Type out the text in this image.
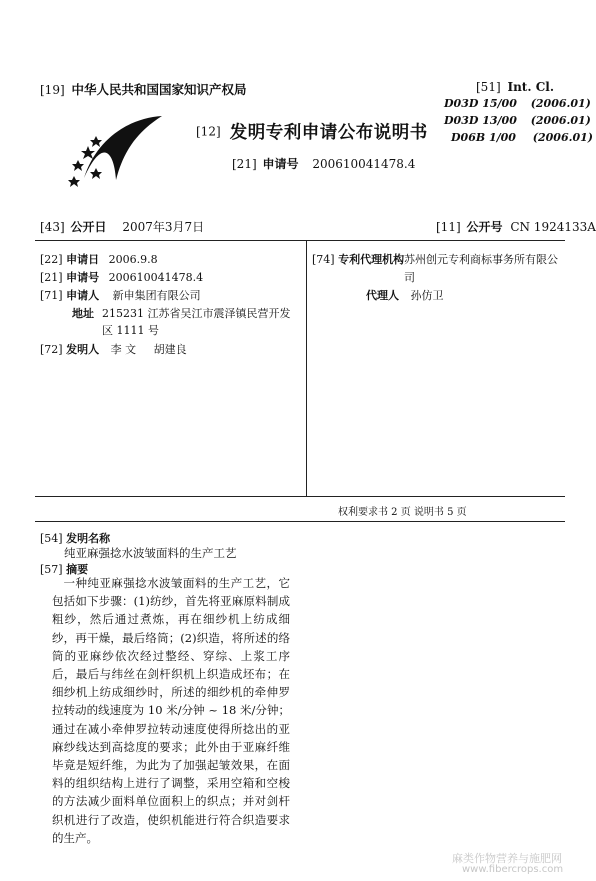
[19] 中华人民共和国国家知识产权局
[12] 发明专利申请公布说明书
[21] 申请号 200610041478.4
[51] Int. Cl.
D03D 15/00 (2006.01)
D03D 13/00 (2006.01)
D06B 1/00 (2006.01)
[43] 公开日 2007年3月7日	[11] 公开号 CN 1924133A
[22] 申请日 2006.9.8
[21] 申请号 200610041478.4
[71] 申请人 新申集团有限公司
地址 215231 江苏省吴江市震泽镇民营开发
区 1111 号
[72] 发明人 李 文 胡建良
[74] 专利代理机构 苏州创元专利商标事务所有限公
司
代理人 孙仿卫
权利要求书 2 页 说明书 5 页
[54] 发明名称
纯亚麻强捻水波皱面料的生产工艺
[57] 摘要
一种纯亚麻强捻水波皱面料的生产工艺，它包括如下步骤：(1)纺纱，首先将亚麻原料制成粗纱，然后通过煮炼，再在细纱机上纺成细纱，再干燥，最后络筒；(2)织造，将所述的络筒的亚麻纱依次经过整经、穿综、上浆工序后，最后与纬丝在剑杆织机上织造成坯布；在细纱机上纺成细纱时，所述的细纱机的牵伸罗拉转动的线速度为 10 米/分钟 ~ 18 米/分钟；通过在减小牵伸罗拉转动速度使得所捻出的亚麻纱线达到高捻度的要求；此外由于亚麻纤维毕竟是短纤维，为此为了加强起皱效果，在面料的组织结构上进行了调整，采用空箱和空梭的方法减少面料单位面积上的织点；并对剑杆织机进行了改造，使织机能进行符合织造要求的生产。
麻类作物营养与施肥网
www.fibercrops.com
